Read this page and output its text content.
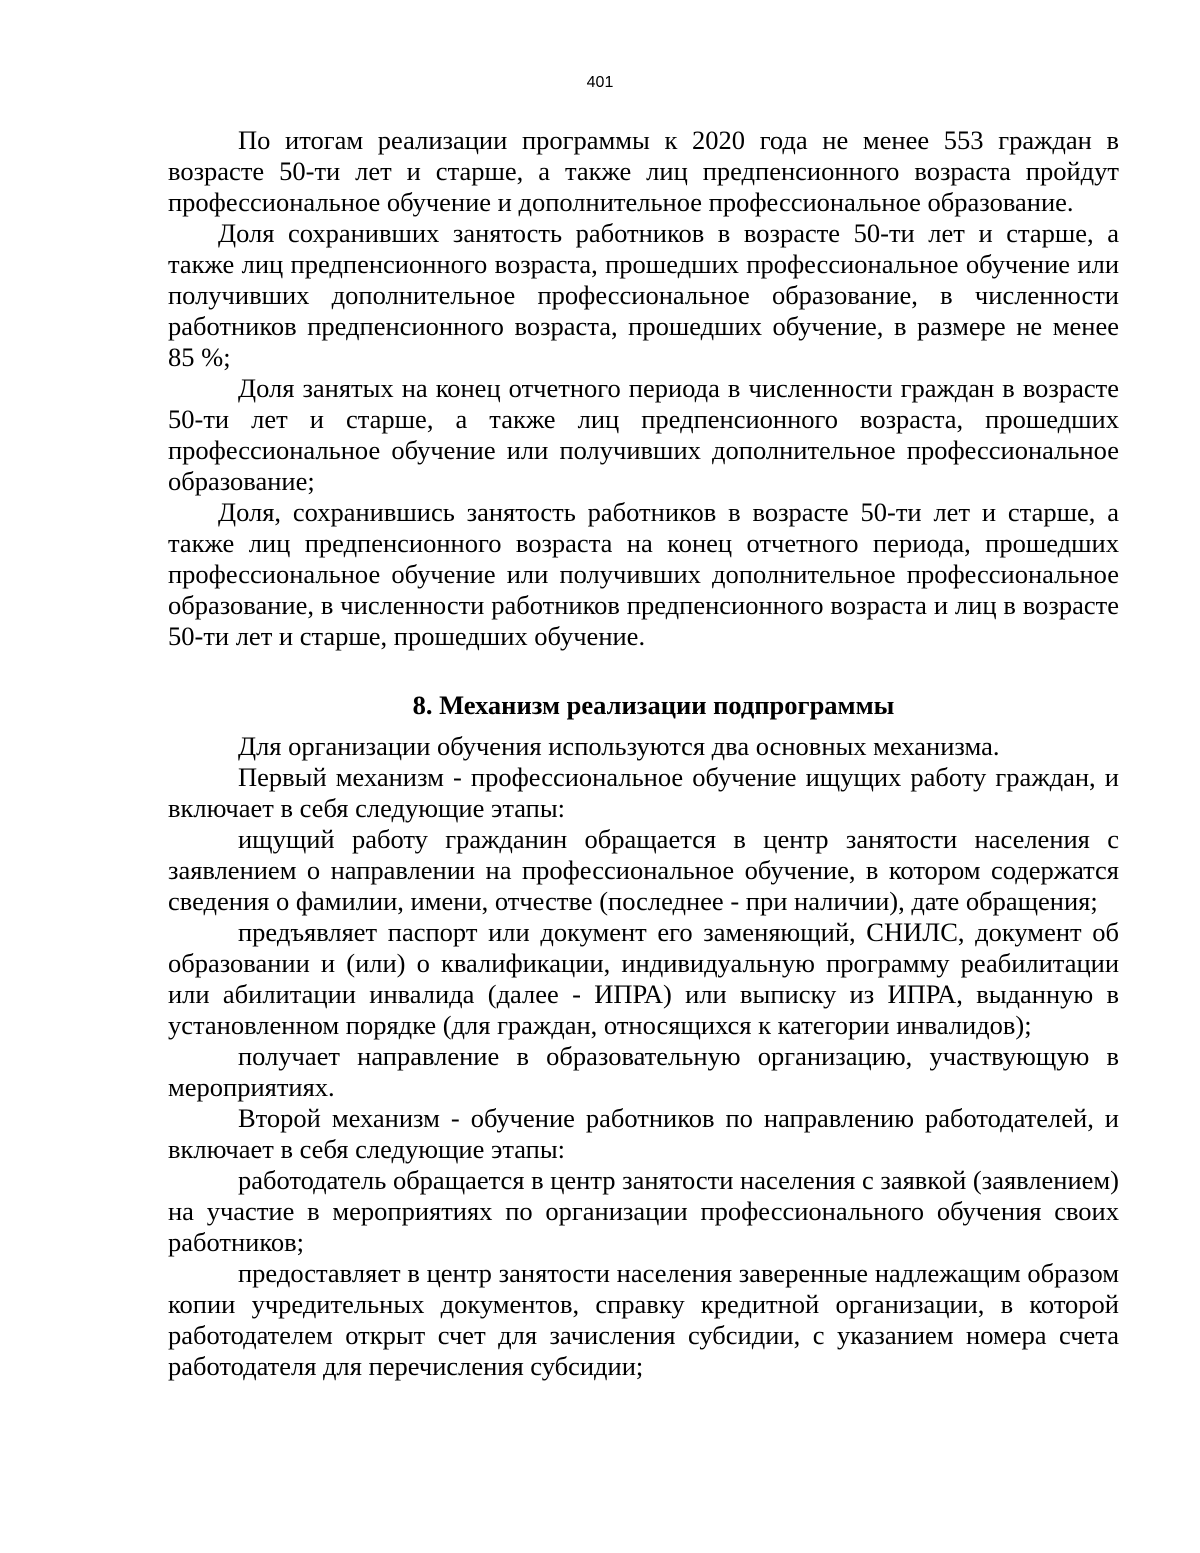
401

По итогам реализации программы к 2020 года не менее 553 граждан в возрасте 50-ти лет и старше, а также лиц предпенсионного возраста пройдут профессиональное обучение и дополнительное профессиональное образование.

Доля сохранивших занятость работников в возрасте 50-ти лет и старше, а также лиц предпенсионного возраста, прошедших профессиональное обучение или получивших дополнительное профессиональное образование, в численности работников предпенсионного возраста, прошедших обучение, в размере не менее 85 %;

Доля занятых на конец отчетного периода в численности граждан в возрасте 50-ти лет и старше, а также лиц предпенсионного возраста, прошедших профессиональное обучение или получивших дополнительное профессиональное образование;

Доля, сохранившись занятость работников в возрасте 50-ти лет и старше, а также лиц предпенсионного возраста на конец отчетного периода, прошедших профессиональное обучение или получивших дополнительное профессиональное образование, в численности работников предпенсионного возраста и лиц в возрасте 50-ти лет и старше, прошедших обучение.

8. Механизм реализации подпрограммы

Для организации обучения используются два основных механизма.

Первый механизм - профессиональное обучение ищущих работу граждан, и включает в себя следующие этапы:

ищущий работу гражданин обращается в центр занятости населения с заявлением о направлении на профессиональное обучение, в котором содержатся сведения о фамилии, имени, отчестве (последнее - при наличии), дате обращения;

предъявляет паспорт или документ его заменяющий, СНИЛС, документ об образовании и (или) о квалификации, индивидуальную программу реабилитации или абилитации инвалида (далее - ИПРА) или выписку из ИПРА, выданную в установленном порядке (для граждан, относящихся к категории инвалидов);

получает направление в образовательную организацию, участвующую в мероприятиях.

Второй механизм - обучение работников по направлению работодателей, и включает в себя следующие этапы:

работодатель обращается в центр занятости населения с заявкой (заявлением) на участие в мероприятиях по организации профессионального обучения своих работников;

предоставляет в центр занятости населения заверенные надлежащим образом копии учредительных документов, справку кредитной организации, в которой работодателем открыт счет для зачисления субсидии, с указанием номера счета работодателя для перечисления субсидии;
